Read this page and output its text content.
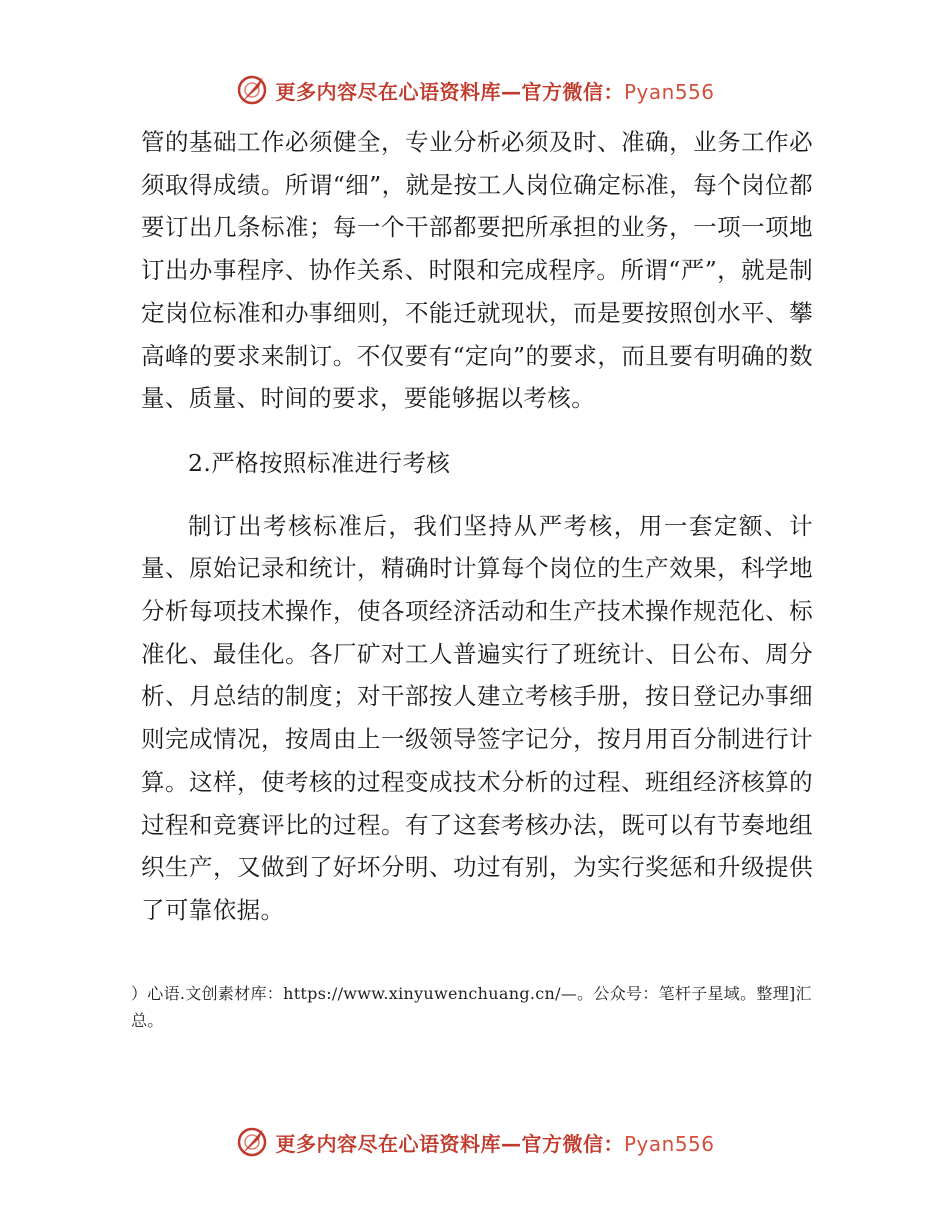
更多内容尽在心语资料库—官方微信：Pyan556

管的基础工作必须健全，专业分析必须及时、准确，业务工作必须取得成绩。所谓“细”，就是按工人岗位确定标准，每个岗位都要订出几条标准；每一个干部都要把所承担的业务，一项一项地订出办事程序、协作关系、时限和完成程序。所谓“严”，就是制定岗位标准和办事细则，不能迁就现状，而是要按照创水平、攀高峰的要求来制订。不仅要有“定向”的要求，而且要有明确的数量、质量、时间的要求，要能够据以考核。

2.严格按照标准进行考核

制订出考核标准后，我们坚持从严考核，用一套定额、计量、原始记录和统计，精确时计算每个岗位的生产效果，科学地分析每项技术操作，使各项经济活动和生产技术操作规范化、标准化、最佳化。各厂矿对工人普遍实行了班统计、日公布、周分析、月总结的制度；对干部按人建立考核手册，按日登记办事细则完成情况，按周由上一级领导签字记分，按月用百分制进行计算。这样，使考核的过程变成技术分析的过程、班组经济核算的过程和竞赛评比的过程。有了这套考核办法，既可以有节奏地组织生产，又做到了好坏分明、功过有别，为实行奖惩和升级提供了可靠依据。

）心语.文创素材库：https://www.xinyuwenchuang.cn/—。公众号：笔杆子星域。整理]汇总。
更多内容尽在心语资料库—官方微信：Pyan556
